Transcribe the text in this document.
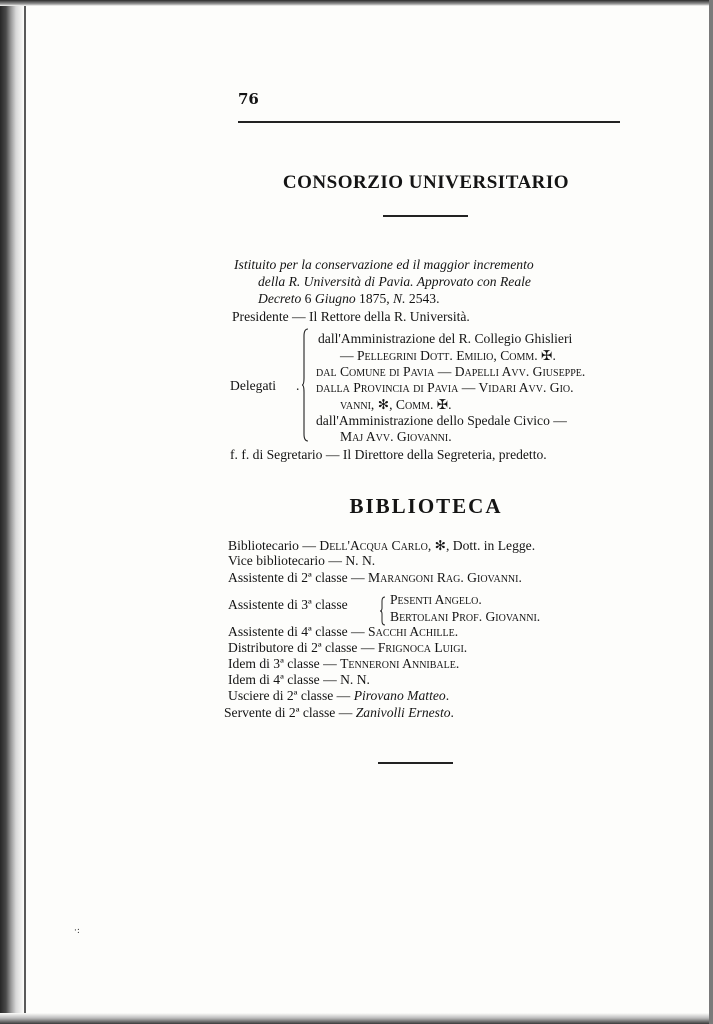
76
CONSORZIO UNIVERSITARIO
Istituito per la conservazione ed il maggior incremento
della R. Università di Pavia. Approvato con Reale
Decreto 6 Giugno 1875, N. 2543.
Presidente — Il Rettore della R. Università.
Delegati .
dall'Amministrazione del R. Collegio Ghislieri
— Pellegrini Dott. Emilio, Comm. ✠.
dal Comune di Pavia — Dapelli Avv. Giuseppe.
dalla Provincia di Pavia — Vidari Avv. Gio.
vanni, ✻, Comm. ✠.
dall'Amministrazione dello Spedale Civico —
Maj Avv. Giovanni.
f. f. di Segretario — Il Direttore della Segreteria, predetto.
BIBLIOTECA
Bibliotecario — Dell'Acqua Carlo, ✻, Dott. in Legge.
Vice bibliotecario — N. N.
Assistente di 2ª classe — Marangoni Rag. Giovanni.
Assistente di 3ª classe	Pesenti Angelo.
Bertolani Prof. Giovanni.
Assistente di 4ª classe — Sacchi Achille.
Distributore di 2ª classe — Frignoca Luigi.
Idem di 3ª classe — Tenneroni Annibale.
Idem di 4ª classe — N. N.
Usciere di 2ª classe — Pirovano Matteo.
Servente di 2ª classe — Zanivolli Ernesto.
·:
